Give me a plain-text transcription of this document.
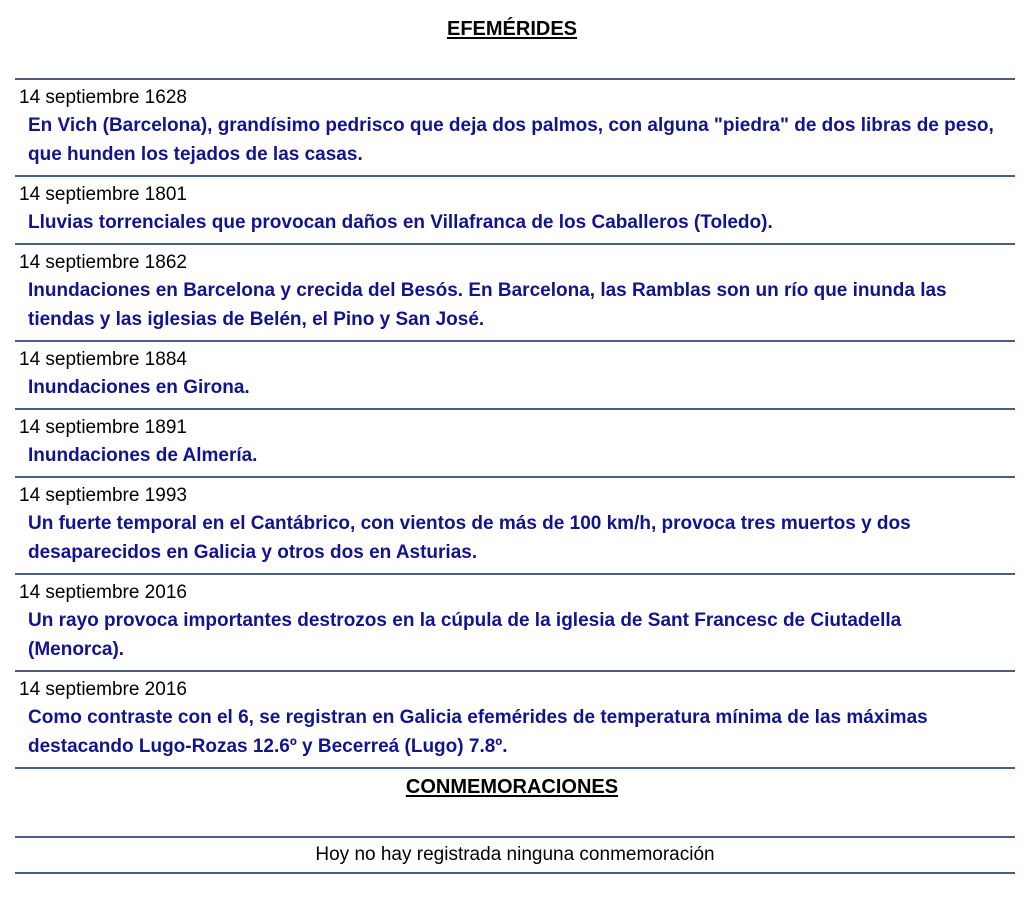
EFEMÉRIDES
14 septiembre 1628
En Vich (Barcelona), grandísimo pedrisco que deja dos palmos, con alguna "piedra" de dos libras de peso, que hunden los tejados de las casas.
14 septiembre 1801
Lluvias torrenciales que provocan daños en Villafranca de los Caballeros (Toledo).
14 septiembre 1862
Inundaciones en Barcelona y crecida del Besós. En Barcelona, las Ramblas son un río que inunda las tiendas y las iglesias de Belén, el Pino y San José.
14 septiembre 1884
Inundaciones en Girona.
14 septiembre 1891
Inundaciones de Almería.
14 septiembre 1993
Un fuerte temporal en el Cantábrico, con vientos de más de 100 km/h, provoca tres muertos y dos desaparecidos en Galicia y otros dos en Asturias.
14 septiembre 2016
Un rayo provoca importantes destrozos en la cúpula de la iglesia de Sant Francesc de Ciutadella (Menorca).
14 septiembre 2016
Como contraste con el 6, se registran en Galicia efemérides de temperatura mínima de las máximas destacando Lugo-Rozas 12.6º y Becerreá (Lugo) 7.8º.
CONMEMORACIONES
Hoy no hay registrada ninguna conmemoración
